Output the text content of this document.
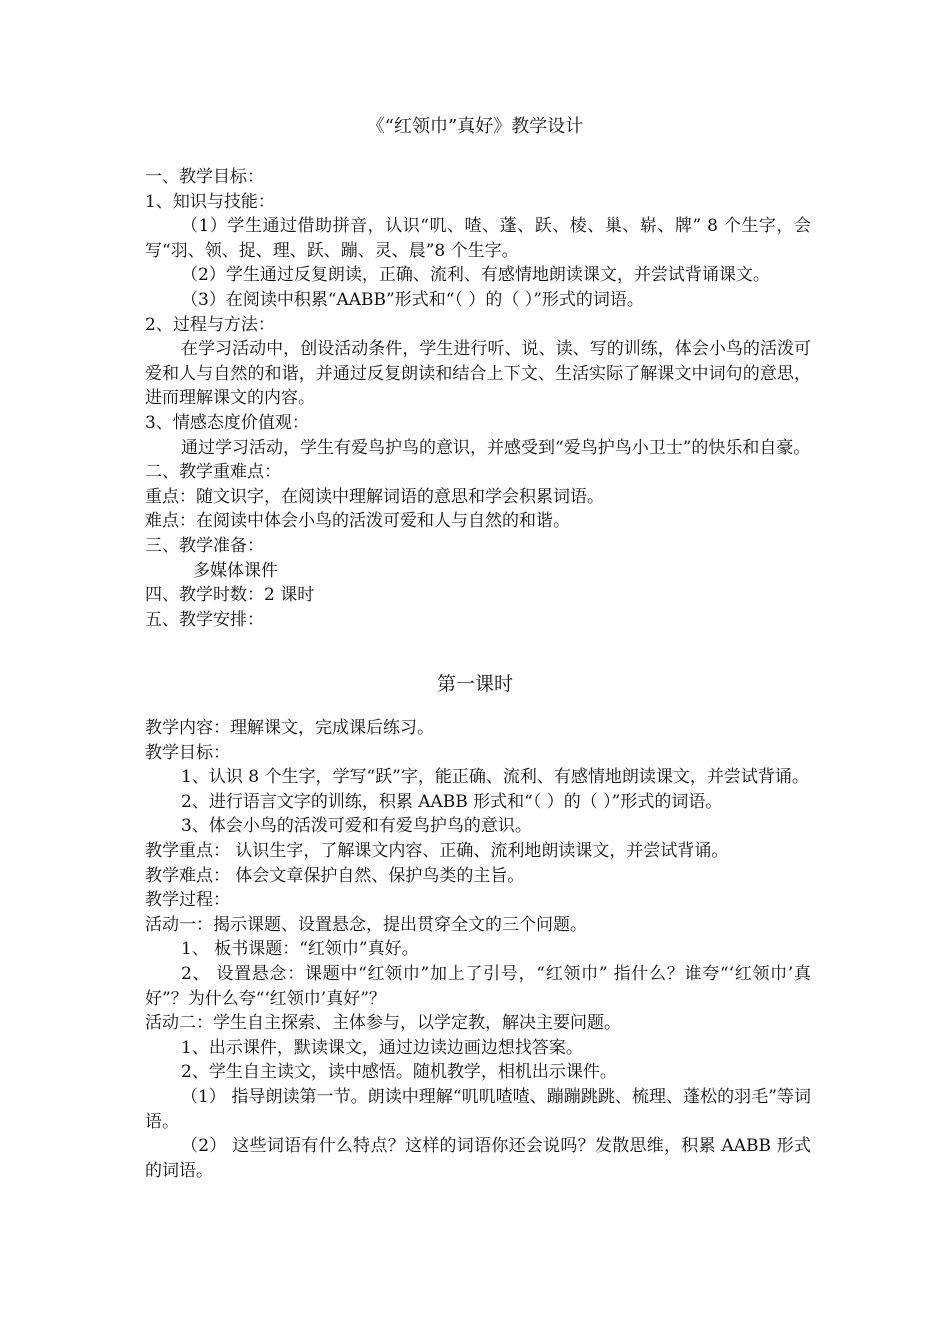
《“红领巾”真好》教学设计

一、教学目标：

1、知识与技能：

（1）学生通过借助拼音，认识“叽、喳、蓬、跃、棱、巢、崭、牌” 8 个生字，会写“羽、领、捉、理、跃、蹦、灵、晨”8 个生字。

（2）学生通过反复朗读，正确、流利、有感情地朗读课文，并尝试背诵课文。

（3）在阅读中积累“AABB”形式和“（ ）的（ ）”形式的词语。

2、过程与方法：

在学习活动中，创设活动条件，学生进行听、说、读、写的训练，体会小鸟的活泼可爱和人与自然的和谐，并通过反复朗读和结合上下文、生活实际了解课文中词句的意思，进而理解课文的内容。

3、情感态度价值观：

通过学习活动，学生有爱鸟护鸟的意识，并感受到“爱鸟护鸟小卫士”的快乐和自豪。

二、教学重难点：

重点：随文识字，在阅读中理解词语的意思和学会积累词语。

难点：在阅读中体会小鸟的活泼可爱和人与自然的和谐。

三、教学准备：

多媒体课件

四、教学时数：2 课时

五、教学安排：

第一课时

教学内容：理解课文，完成课后练习。

教学目标：

1、认识 8 个生字，学写“跃”字，能正确、流利、有感情地朗读课文，并尝试背诵。

2、进行语言文字的训练，积累 AABB 形式和“（ ）的（ ）”形式的词语。

3、体会小鸟的活泼可爱和有爱鸟护鸟的意识。

教学重点： 认识生字，了解课文内容、正确、流利地朗读课文，并尝试背诵。

教学难点： 体会文章保护自然、保护鸟类的主旨。

教学过程：

活动一：揭示课题、设置悬念，提出贯穿全文的三个问题。

1、 板书课题：“红领巾”真好。

2、 设置悬念：课题中“红领巾”加上了引号，“红领巾” 指什么？谁夸“‘红领巾’真好”？为什么夸“‘红领巾’真好”？

活动二：学生自主探索、主体参与，以学定教，解决主要问题。

1、出示课件，默读课文，通过边读边画边想找答案。

2、学生自主读文，读中感悟。随机教学，相机出示课件。

（1） 指导朗读第一节。朗读中理解“叽叽喳喳、蹦蹦跳跳、梳理、蓬松的羽毛”等词语。

（2） 这些词语有什么特点？这样的词语你还会说吗？发散思维，积累 AABB 形式的词语。
